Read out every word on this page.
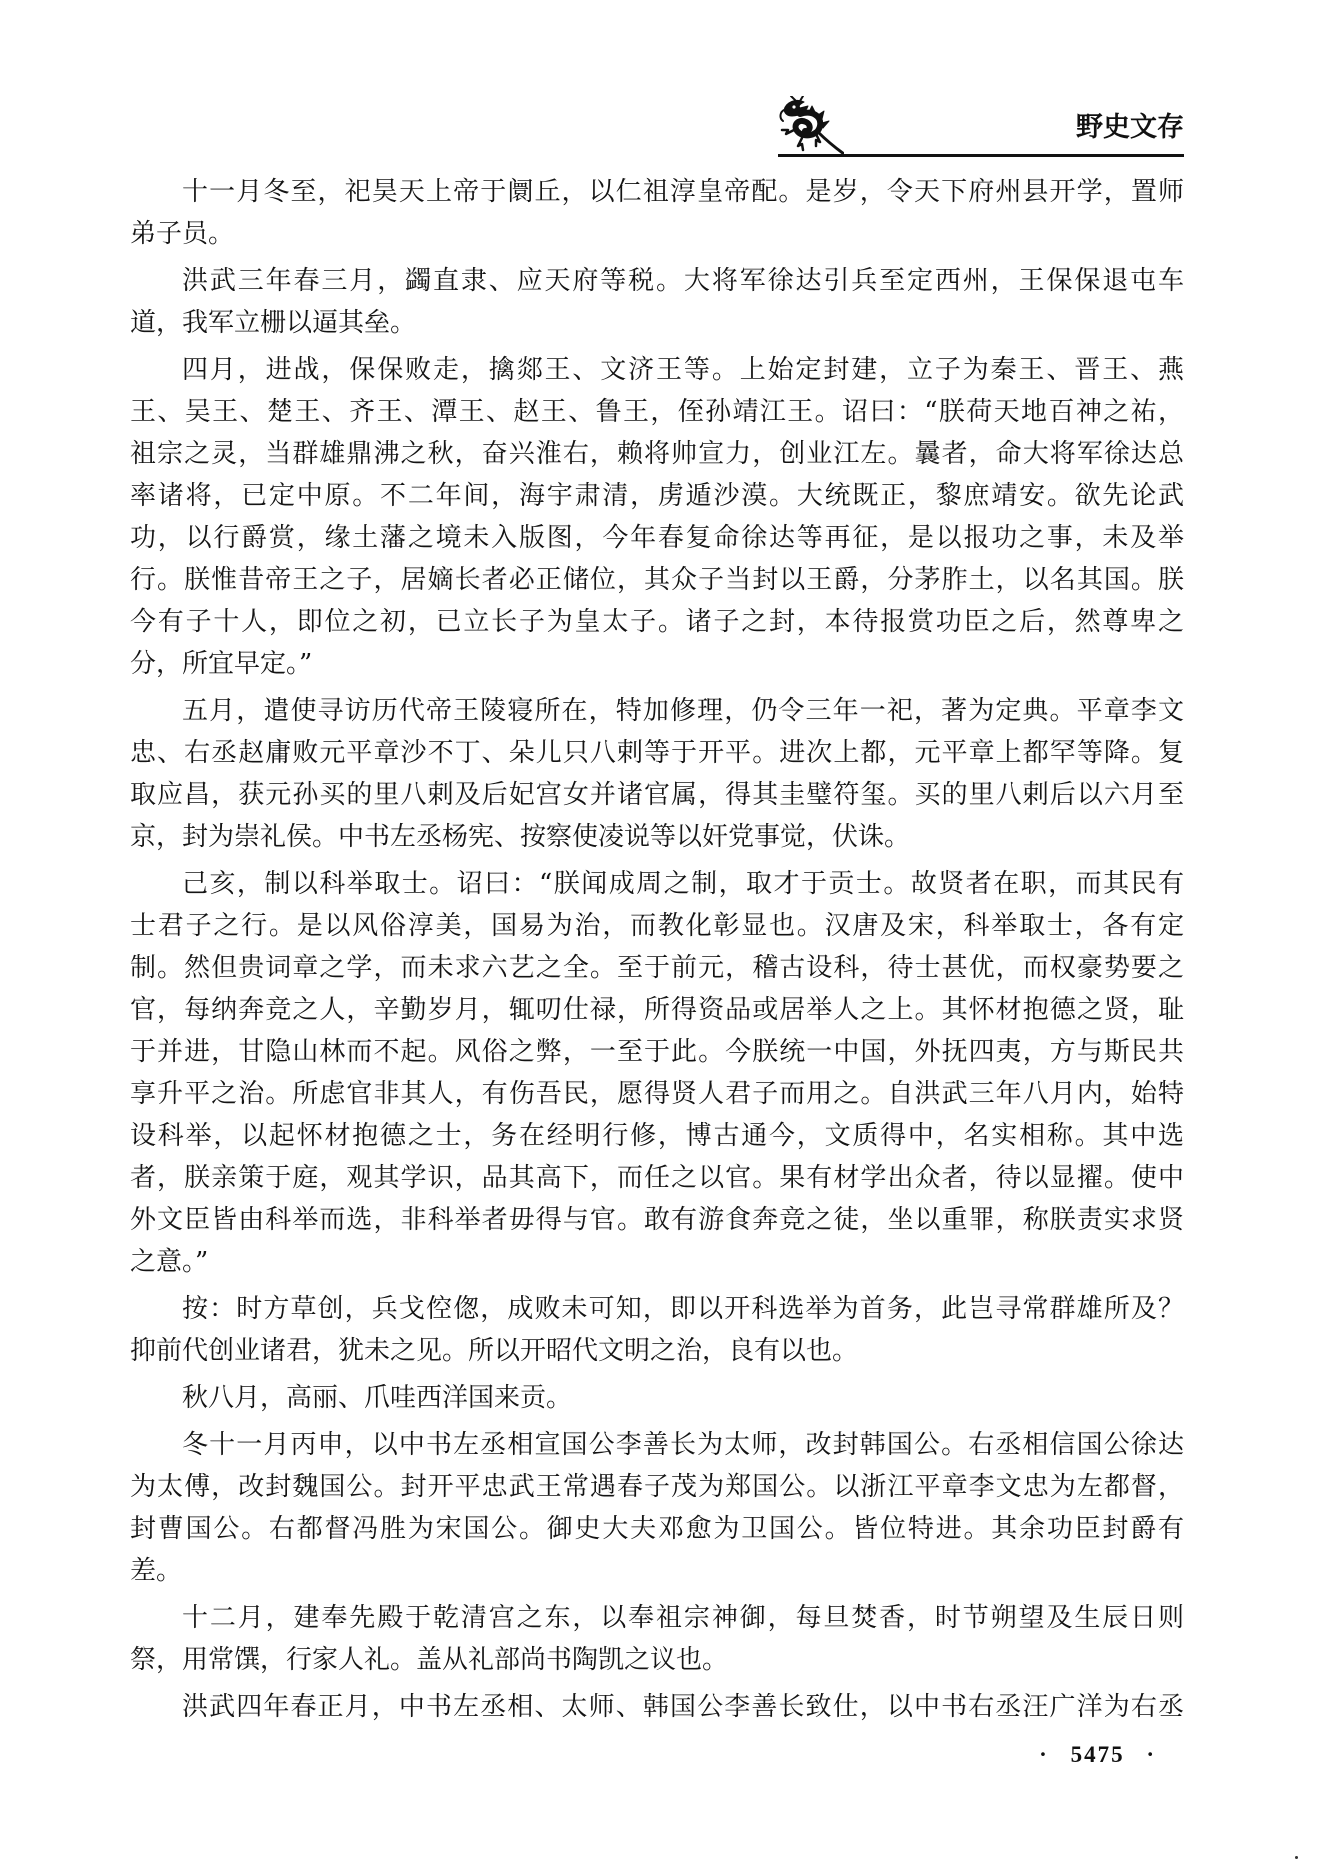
野史文存
十一月冬至，祀昊天上帝于阛丘，以仁祖淳皇帝配。是岁，令天下府州县开学，置师
弟子员。
洪武三年春三月，蠲直隶、应天府等税。大将军徐达引兵至定西州，王保保退屯车
道，我军立栅以逼其垒。
四月，进战，保保败走，擒郯王、文济王等。上始定封建，立子为秦王、晋王、燕
王、吴王、楚王、齐王、潭王、赵王、鲁王，侄孙靖江王。诏曰：“朕荷天地百神之祐，
祖宗之灵，当群雄鼎沸之秋，奋兴淮右，赖将帅宣力，创业江左。曩者，命大将军徐达总
率诸将，已定中原。不二年间，海宇肃清，虏遁沙漠。大统既正，黎庶靖安。欲先论武
功，以行爵赏，缘土藩之境未入版图，今年春复命徐达等再征，是以报功之事，未及举
行。朕惟昔帝王之子，居嫡长者必正储位，其众子当封以王爵，分茅胙土，以名其国。朕
今有子十人，即位之初，已立长子为皇太子。诸子之封，本待报赏功臣之后，然尊卑之
分，所宜早定。”
五月，遣使寻访历代帝王陵寝所在，特加修理，仍令三年一祀，著为定典。平章李文
忠、右丞赵庸败元平章沙不丁、朵儿只八剌等于开平。进次上都，元平章上都罕等降。复
取应昌，获元孙买的里八剌及后妃宫女并诸官属，得其圭璧符玺。买的里八剌后以六月至
京，封为崇礼侯。中书左丞杨宪、按察使凌说等以奸党事觉，伏诛。
己亥，制以科举取士。诏曰：“朕闻成周之制，取才于贡士。故贤者在职，而其民有
士君子之行。是以风俗淳美，国易为治，而教化彰显也。汉唐及宋，科举取士，各有定
制。然但贵词章之学，而未求六艺之全。至于前元，稽古设科，待士甚优，而权豪势要之
官，每纳奔竞之人，辛勤岁月，辄叨仕禄，所得资品或居举人之上。其怀材抱德之贤，耻
于并进，甘隐山林而不起。风俗之弊，一至于此。今朕统一中国，外抚四夷，方与斯民共
享升平之治。所虑官非其人，有伤吾民，愿得贤人君子而用之。自洪武三年八月内，始特
设科举，以起怀材抱德之士，务在经明行修，博古通今，文质得中，名实相称。其中选
者，朕亲策于庭，观其学识，品其高下，而任之以官。果有材学出众者，待以显擢。使中
外文臣皆由科举而选，非科举者毋得与官。敢有游食奔竞之徒，坐以重罪，称朕责实求贤
之意。”
按：时方草创，兵戈倥偬，成败未可知，即以开科选举为首务，此岂寻常群雄所及？
抑前代创业诸君，犹未之见。所以开昭代文明之治，良有以也。
秋八月，高丽、爪哇西洋国来贡。
冬十一月丙申，以中书左丞相宣国公李善长为太师，改封韩国公。右丞相信国公徐达
为太傅，改封魏国公。封开平忠武王常遇春子茂为郑国公。以浙江平章李文忠为左都督，
封曹国公。右都督冯胜为宋国公。御史大夫邓愈为卫国公。皆位特进。其余功臣封爵有
差。
十二月，建奉先殿于乾清宫之东，以奉祖宗神御，每旦焚香，时节朔望及生辰日则
祭，用常馔，行家人礼。盖从礼部尚书陶凯之议也。
洪武四年春正月，中书左丞相、太师、韩国公李善长致仕，以中书右丞汪广洋为右丞
· 5475 ·
